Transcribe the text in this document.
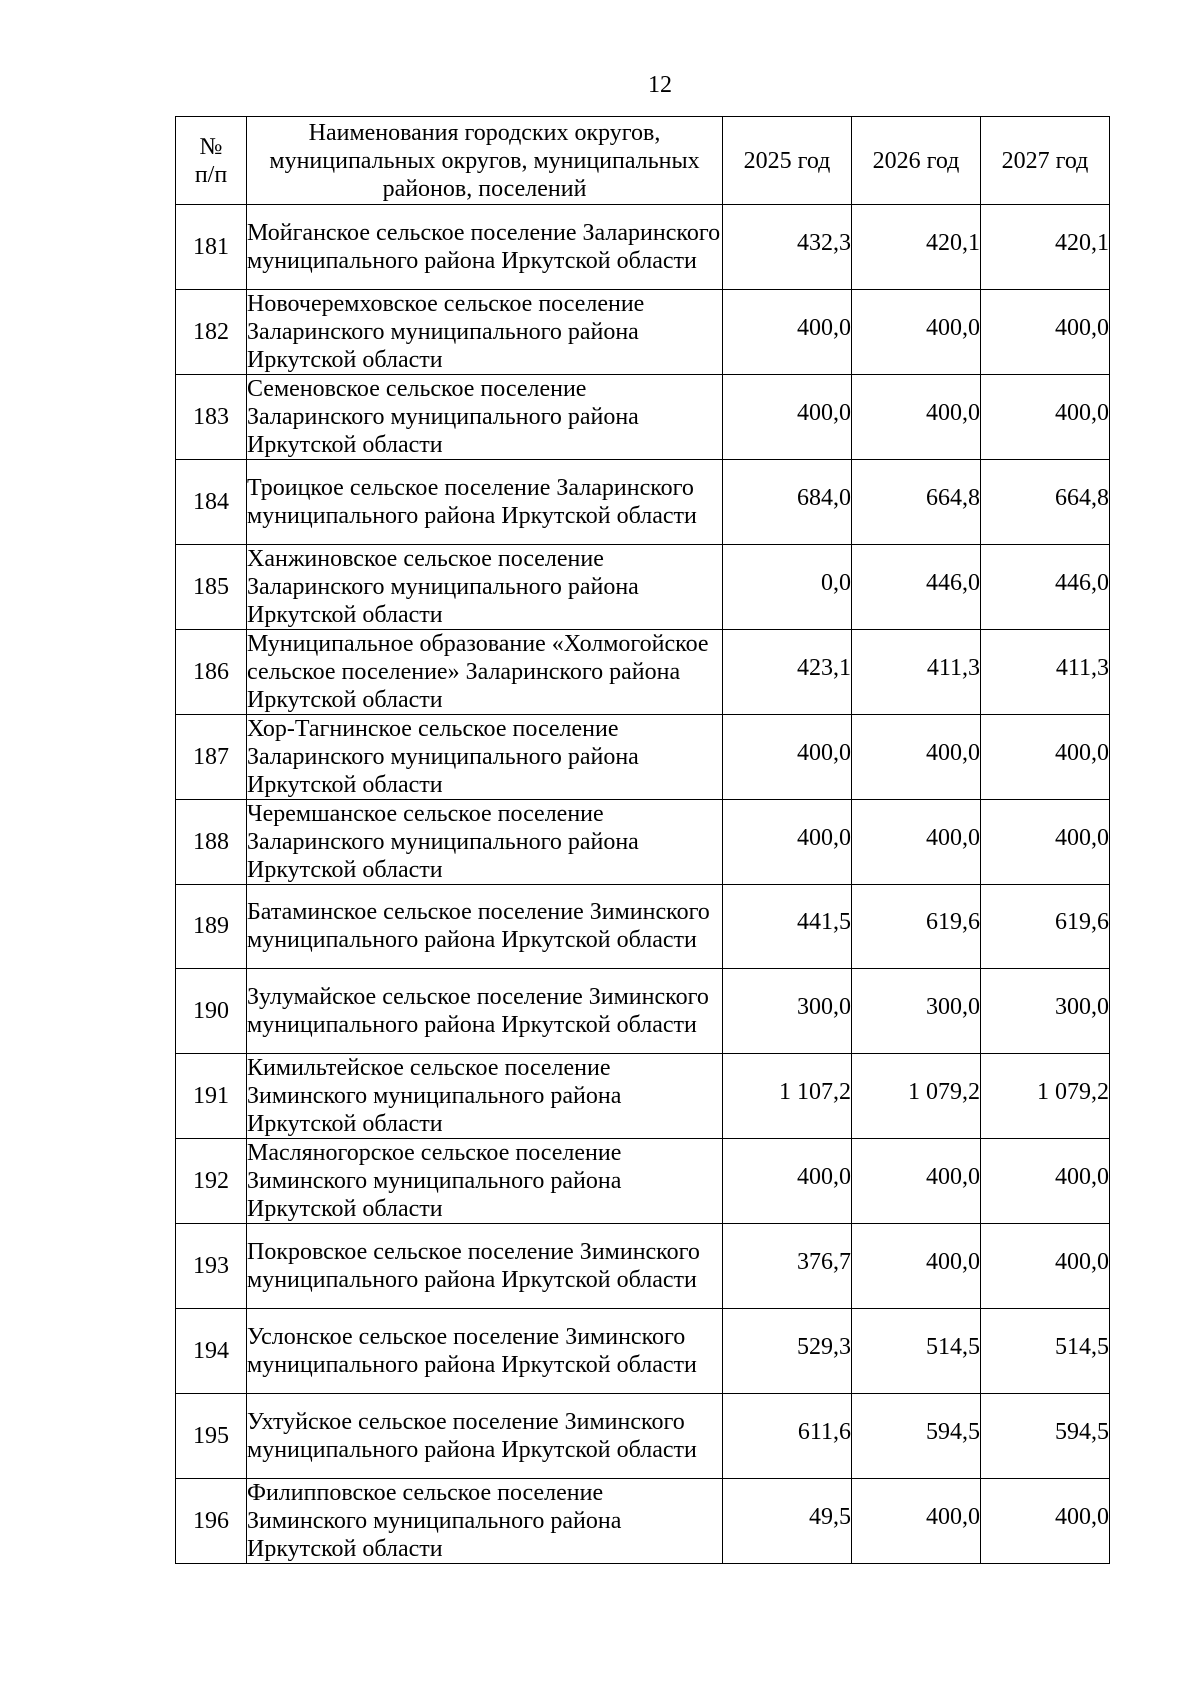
12
№
п/п	Наименования городских округов, муниципальных округов, муниципальных районов, поселений	2025 год	2026 год	2027 год
181	Мойганское сельское поселение Заларинского муниципального района Иркутской области	432,3	420,1	420,1
182	Новочеремховское сельское поселение Заларинского муниципального района Иркутской области	400,0	400,0	400,0
183	Семеновское сельское поселение Заларинского муниципального района Иркутской области	400,0	400,0	400,0
184	Троицкое сельское поселение Заларинского муниципального района Иркутской области	684,0	664,8	664,8
185	Ханжиновское сельское поселение Заларинского муниципального района Иркутской области	0,0	446,0	446,0
186	Муниципальное образование «Холмогойское сельское поселение» Заларинского района Иркутской области	423,1	411,3	411,3
187	Хор-Тагнинское сельское поселение Заларинского муниципального района Иркутской области	400,0	400,0	400,0
188	Черемшанское сельское поселение Заларинского муниципального района Иркутской области	400,0	400,0	400,0
189	Батаминское сельское поселение Зиминского муниципального района Иркутской области	441,5	619,6	619,6
190	Зулумайское сельское поселение Зиминского муниципального района Иркутской области	300,0	300,0	300,0
191	Кимильтейское сельское поселение Зиминского муниципального района Иркутской области	1 107,2	1 079,2	1 079,2
192	Масляногорское сельское поселение Зиминского муниципального района Иркутской области	400,0	400,0	400,0
193	Покровское сельское поселение Зиминского муниципального района Иркутской области	376,7	400,0	400,0
194	Услонское сельское поселение Зиминского муниципального района Иркутской области	529,3	514,5	514,5
195	Ухтуйское сельское поселение Зиминского муниципального района Иркутской области	611,6	594,5	594,5
196	Филипповское сельское поселение Зиминского муниципального района Иркутской области	49,5	400,0	400,0
